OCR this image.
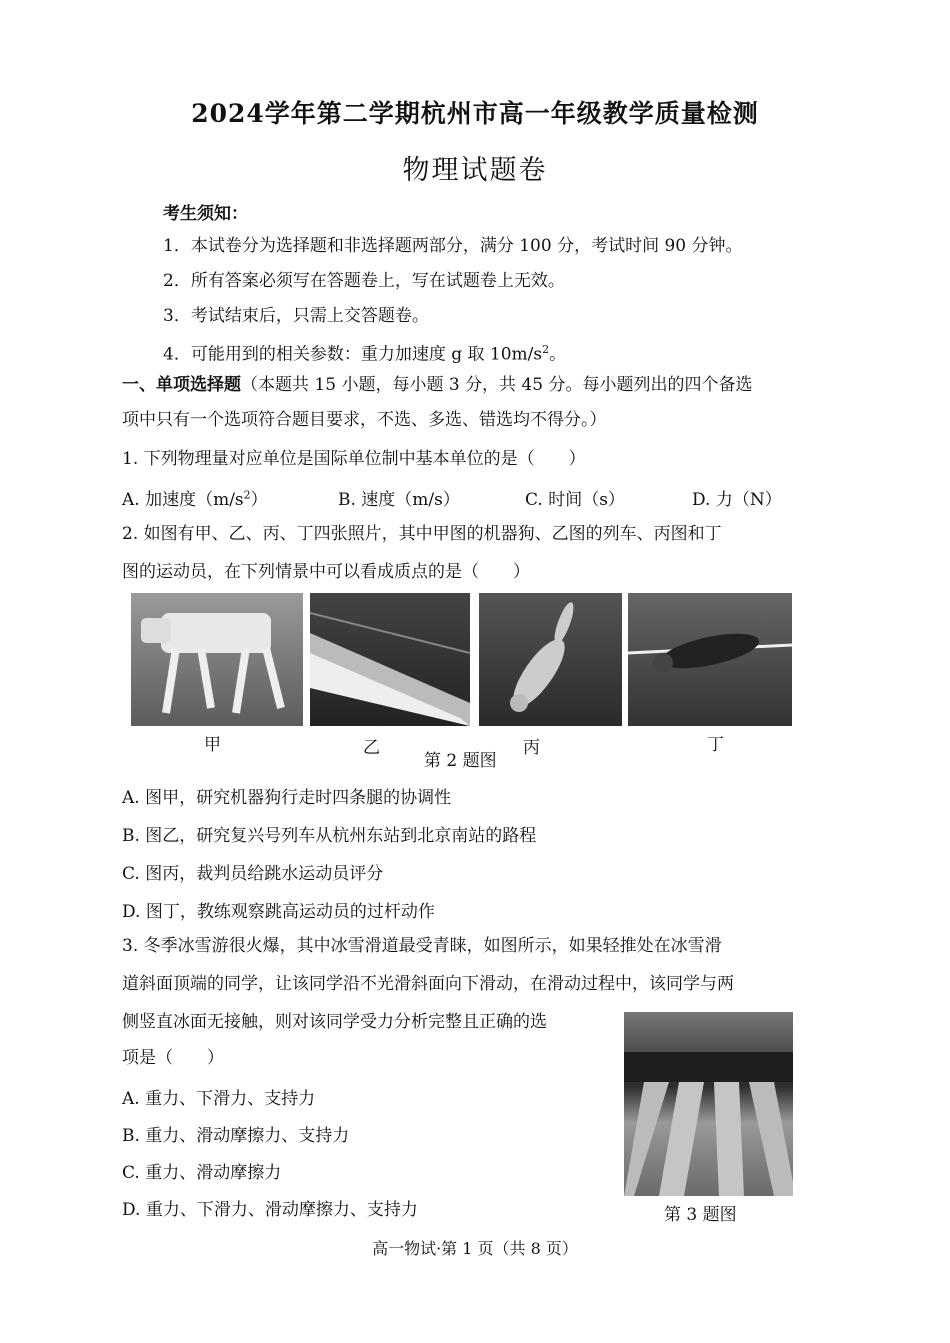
2024学年第二学期杭州市高一年级教学质量检测
物理试题卷
考生须知：
1．本试卷分为选择题和非选择题两部分，满分 100 分，考试时间 90 分钟。
2．所有答案必须写在答题卷上，写在试题卷上无效。
3．考试结束后，只需上交答题卷。
4．可能用到的相关参数：重力加速度 g 取 $10m/s^2$。
一、单项选择题（本题共 15 小题，每小题 3 分，共 45 分。每小题列出的四个备选
项中只有一个选项符合题目要求，不选、多选、错选均不得分。）
1. 下列物理量对应单位是国际单位制中基本单位的是（　　）
A. 加速度$(m/s^2)$	B. 速度（m/s）	C. 时间（s）	D. 力（N）
2. 如图有甲、乙、丙、丁四张照片，其中甲图的机器狗、乙图的列车、丙图和丁
图的运动员，在下列情景中可以看成质点的是（　　）
甲	乙	丙	丁
第 2 题图
A. 图甲，研究机器狗行走时四条腿的协调性
B. 图乙，研究复兴号列车从杭州东站到北京南站的路程
C. 图丙，裁判员给跳水运动员评分
D. 图丁，教练观察跳高运动员的过杆动作
3. 冬季冰雪游很火爆，其中冰雪滑道最受青睐，如图所示，如果轻推处在冰雪滑
道斜面顶端的同学，让该同学沿不光滑斜面向下滑动，在滑动过程中，该同学与两
侧竖直冰面无接触，则对该同学受力分析完整且正确的选
项是（　　）
A. 重力、下滑力、支持力
B. 重力、滑动摩擦力、支持力
C. 重力、滑动摩擦力
D. 重力、下滑力、滑动摩擦力、支持力	第 3 题图
高一物试·第 1 页（共 8 页）
